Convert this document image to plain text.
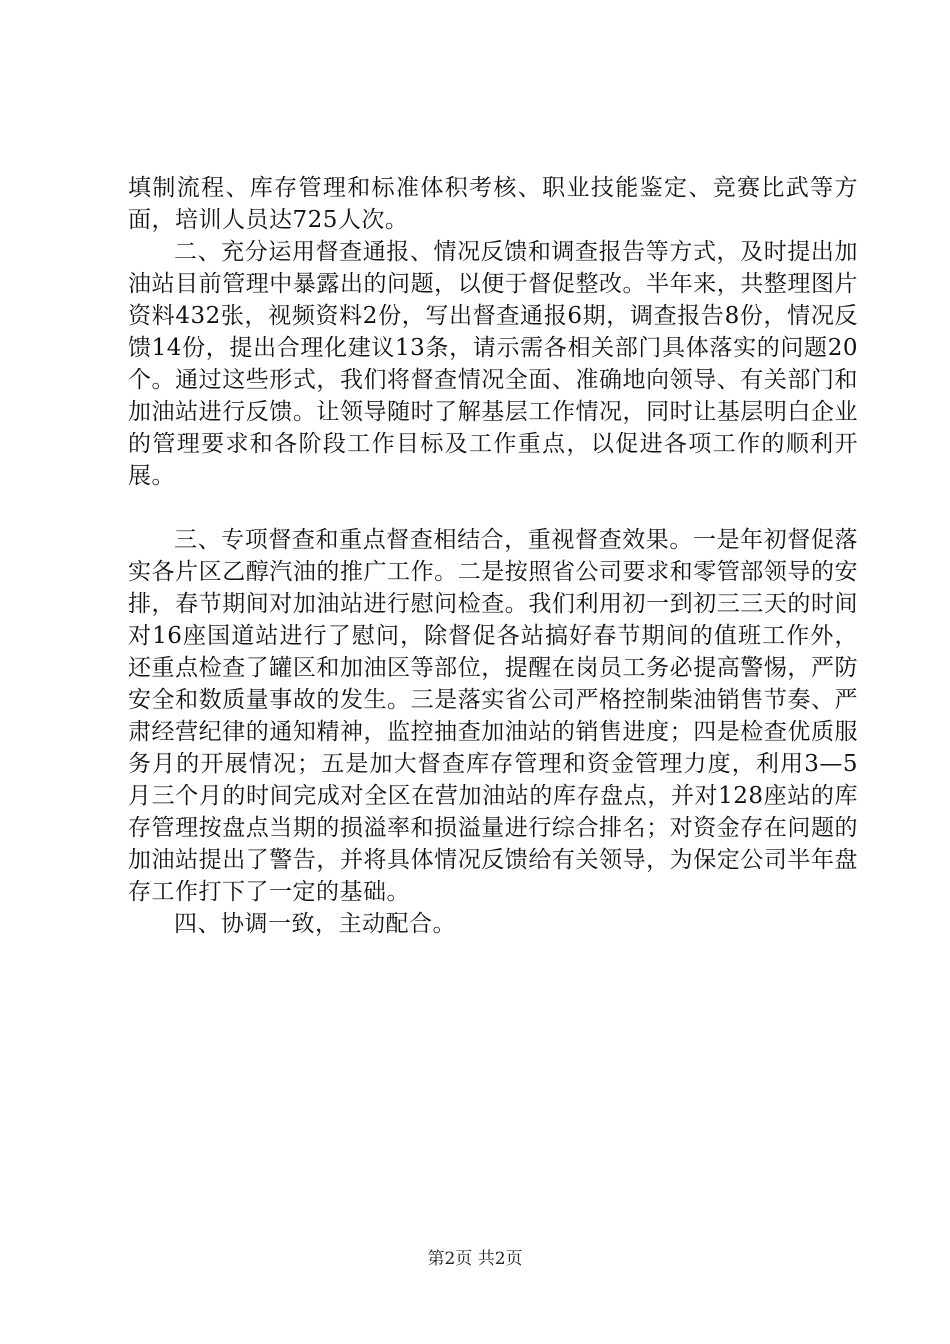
填制流程、库存管理和标准体积考核、职业技能鉴定、竞赛比武等方面，培训人员达725人次。

二、充分运用督查通报、情况反馈和调查报告等方式，及时提出加油站目前管理中暴露出的问题，以便于督促整改。半年来，共整理图片资料432张，视频资料2份，写出督查通报6期，调查报告8份，情况反馈14份，提出合理化建议13条，请示需各相关部门具体落实的问题20个。通过这些形式，我们将督查情况全面、准确地向领导、有关部门和加油站进行反馈。让领导随时了解基层工作情况，同时让基层明白企业的管理要求和各阶段工作目标及工作重点，以促进各项工作的顺利开展。

三、专项督查和重点督查相结合，重视督查效果。一是年初督促落实各片区乙醇汽油的推广工作。二是按照省公司要求和零管部领导的安排，春节期间对加油站进行慰问检查。我们利用初一到初三三天的时间对16座国道站进行了慰问，除督促各站搞好春节期间的值班工作外，还重点检查了罐区和加油区等部位，提醒在岗员工务必提高警惕，严防安全和数质量事故的发生。三是落实省公司严格控制柴油销售节奏、严肃经营纪律的通知精神，监控抽查加油站的销售进度；四是检查优质服务月的开展情况；五是加大督查库存管理和资金管理力度，利用3—5月三个月的时间完成对全区在营加油站的库存盘点，并对128座站的库存管理按盘点当期的损溢率和损溢量进行综合排名；对资金存在问题的加油站提出了警告，并将具体情况反馈给有关领导，为保定公司半年盘存工作打下了一定的基础。

四、协调一致，主动配合。

第2页 共2页
